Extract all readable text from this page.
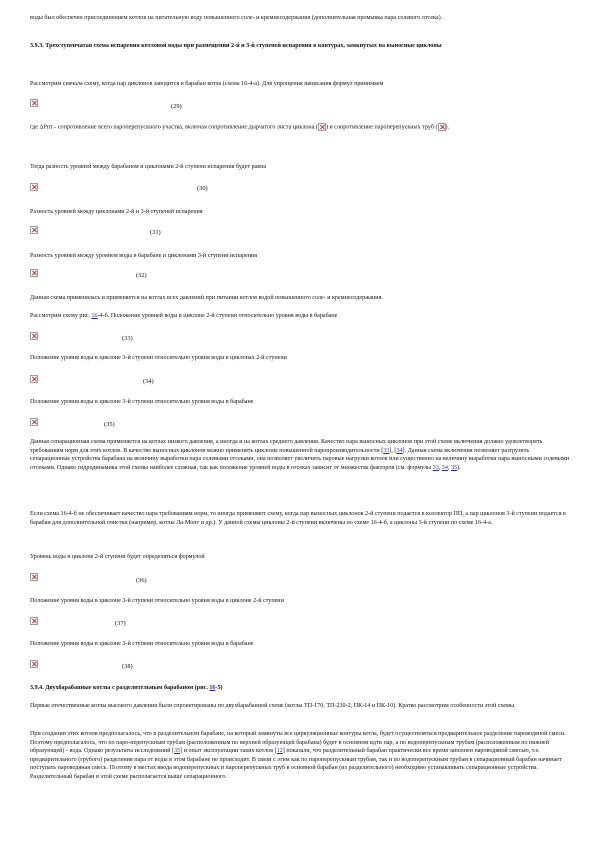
воды был обеспечен присоединением котлов на питательную воду повышенного соле- и кремнесодержания (дополнительная промывка пара солевого отсека).

3.9.3. Трехступенчатая схема испарения котловой воды при размещении 2-й и 3-й ступеней испарения в контурах, замкнутых на выносные циклоны

Рассмотрим сначала схему, когда пар циклонов заводится в барабан котла (схема 16-4-а). Для упрощения написания формул принимаем

(29)

где ΔPпт - сопротивление всего пароперепускного участка, включая сопротивление дырчатого листа циклона ( ) и сопротивление пароперепускных труб ( ).

Тогда разность уровней между барабаном и циклонами 2-й ступени испарения будет равна

(30)

Разность уровней между циклонами 2-й и 3-й ступеней испарения

(31)

Разность уровней между уровнем воды в барабане и циклонами 3-й ступени испарения

(32)

Данная схема применялась и применяется на котлах всех давлений при питании котлов водой повышенного соле- и кремнесодержания.

Рассмотрим схему рис. 16-4-б. Положение уровней воды в циклоне 2-й ступени относительно уровня воды в барабане

(33)

Положение уровня воды в циклоне 3-й ступени относительно уровня воды в циклонах 2-й ступени

(34)

Положение уровня воды в циклоне 3-й ступени относительно уровня воды в барабане

(35)

Данная сепарационная схема применяется на котлах низкого давления, а иногда и на котлах среднего давления. Качество пара выносных циклонов при этой схеме включения должно удовлетворять требованиям норм для этих котлов. В качестве выносных циклонов можно применять циклоны повышенной паропроизводительности [33], [34]. Данная схема включения позволяет разгрузить сепарационные устройства барабана на величину выработки пара солевыми отсеками, она позволяет увеличить паровые нагрузки котлов или существенно на величину выработки пара выносными солевыми отсеками. Однако гидродинамика этой схемы наиболее сложная, так как положение уровней воды в отсеках зависит от множества факторов (см. формулы 33, 34, 35).

Если схема 16-4-б не обеспечивает качество пара требованиям норм, то иногда применяют схему, когда пар выносных циклонов 2-й ступени подается в коллектор ПП, а пар циклонов 3-й ступени подается в барабан для дополнительной очистки (например, котлы Ла-Мопт и др.). У данной схемы циклоны 2-й ступени включены по схеме 16-4-б, а циклоны 3-й ступени по схеме 16-4-а.

Уровень воды в циклоне 2-й ступени будет определяться формулой

(36)

Положение уровня воды в циклоне 3-й ступени относительно уровня воды в циклоне 2-й ступени

(37)

Положение уровня воды в циклоне 3-й ступени относительно уровня воды в барабане

(38)

3.9.4. Двухбарабанные котлы с разделительным барабаном (рис. 16-5)

Первые отечественные котлы высокого давления были спроектированы по двухбарабанной схеме (котлы ТП-170, ТП-230-2, ПК-14 и ПК-10). Кратко рассмотрим особенности этой схемы.

При создании этих котлов предполагалось, что в разделительном барабане, на который замкнуты все циркуляционные контуры котла, будет осуществляться предварительное разделение пароводяной смеси. Поэтому предполагалось, что по паро-перепускным трубам (расположенным по верхней образующей барабана) будет в основном идти пар, а по водоперепускным трубам (расположенным по нижней образующей) - вода. Однако результаты исследований [35] и опыт эксплуатации таких котлов [12] показали, что разделительный барабан практически все время заполнен пароводяной смесью, т.е. предварительного (грубого) разделения пара от воды в этом барабане не происходит. В связи с этим как по пароперепускным трубам, так и по водоперепускным трубам в сепарационный барабан начинает поступать пароводяная смесь. Поэтому в местах ввода водоперепускных и пароперепускных труб в основной барабан (из разделительного) необходимо устанавливать сепарационные устройства. Разделительный барабан в этой схеме располагается выше сепарационного.
